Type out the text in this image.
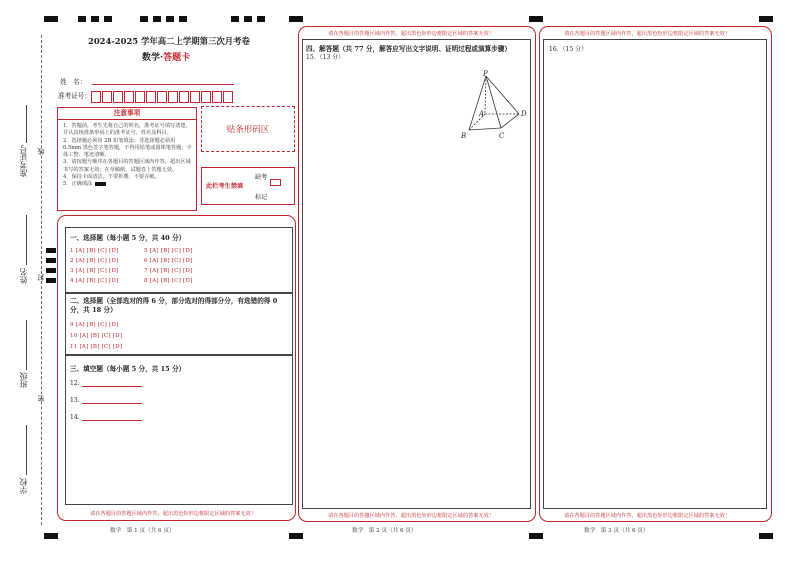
准考证号 线
姓名 封
班级
密
学校
2024-2025 学年高二上学期第三次月考卷
数学·答题卡
姓　名：
准考证号：
注意事项
1．答题前，考生先将自己的姓名，准考证号填写清楚，并认真核准条形码上的准考证号、姓名及科目。
2．选择题必须用 2B 铅笔填涂；非选择题必须用 0.5mm 黑色签字笔答题，不得用铅笔或圆珠笔答题；字体工整、笔迹清晰。
3．请按题号顺序在各题目的答题区域内作答，超出区域书写的答案无效；在草稿纸、试题卷上答题无效。
4．保持卡面清洁，不要折叠、不要弄破。
5．正确填涂
贴条形码区
此栏考生禁填
缺考
标记
一、选择题（每小题 5 分，共 40 分）
1 [A] [B] [C] [D]
2 [A] [B] [C] [D]
3 [A] [B] [C] [D]
4 [A] [B] [C] [D]
5 [A] [B] [C] [D]
6 [A] [B] [C] [D]
7 [A] [B] [C] [D]
8 [A] [B] [C] [D]
二、选择题（全部选对的得 6 分，部分选对的得部分分，有选错的得 0 分，共 18 分）
9 [A] [B] [C] [D]
10 [A] [B] [C] [D]
11 [A] [B] [C] [D]
三、填空题（每小题 5 分，共 15 分）
12.
13.
14.
请在各题目的答题区域内作答，超出黑色矩形边框限定区域的答案无效！
数学　第 1 页（共 6 页）
请在各题目的答题区域内作答，超出黑色矩形边框限定区域的答案无效！
四、解答题（共 77 分，解答应写出文字说明、证明过程或演算步骤）
15．（13 分）
P
A
B	C
D
请在各题目的答题区域内作答，超出黑色矩形边框限定区域的答案无效！
数学　第 2 页（共 6 页）
请在各题目的答题区域内作答，超出黑色矩形边框限定区域的答案无效！
16．（15 分）
请在各题目的答题区域内作答，超出黑色矩形边框限定区域的答案无效！
数学　第 3 页（共 6 页）
